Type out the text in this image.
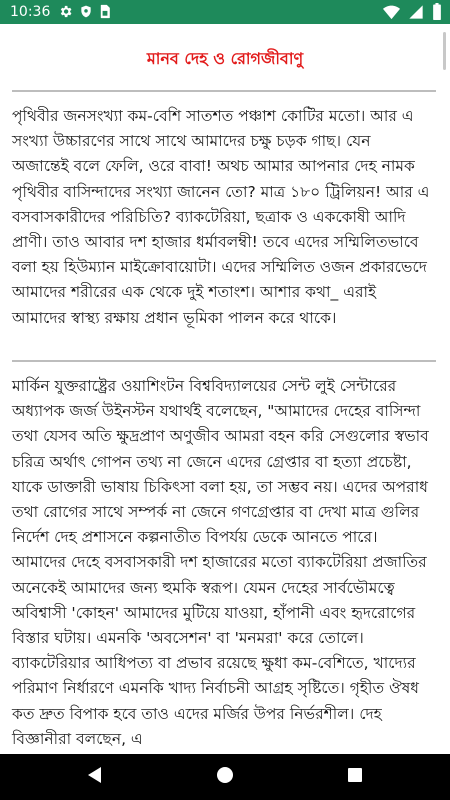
10:36
মানব দেহ ও রোগজীবাণু
পৃথিবীর জনসংখ্যা কম-বেশি সাতশত পঞ্চাশ কোটির মতো। আর এ সংখ্যা উচ্চারণের সাথে সাথে আমাদের চক্ষু চড়ক গাছ। যেন অজান্তেই বলে ফেলি, ওরে বাবা! অথচ আমার আপনার দেহ নামক পৃথিবীর বাসিন্দাদের সংখ্যা জানেন তো? মাত্র ১৮০ ট্রিলিয়ন! আর এ বসবাসকারীদের পরিচিতি? ব্যাকটেরিয়া, ছত্রাক ও এককোষী আদি প্রাণী। তাও আবার দশ হাজার ধর্মাবলম্বী! তবে এদের সম্মিলিতভাবে বলা হয় হিউম্যান মাইক্রোবায়োটা। এদের সম্মিলিত ওজন প্রকারভেদে আমাদের শরীরের এক থেকে দুই শতাংশ। আশার কথা_ এরাই আমাদের স্বাস্থ্য রক্ষায় প্রধান ভূমিকা পালন করে থাকে।
মার্কিন যুক্তরাষ্ট্রের ওয়াশিংটন বিশ্ববিদ্যালয়ের সেন্ট লুই সেন্টারের অধ্যাপক জর্জ উইনস্টন যথার্থই বলেছেন, "আমাদের দেহের বাসিন্দা তথা যেসব অতি ক্ষুদ্রপ্রাণ অণুজীব আমরা বহন করি সেগুলোর স্বভাব চরিত্র অর্থাৎ গোপন তথ্য না জেনে এদের গ্রেপ্তার বা হত্যা প্রচেষ্টা, যাকে ডাক্তারী ভাষায় চিকিৎসা বলা হয়, তা সম্ভব নয়। এদের অপরাধ তথা রোগের সাথে সম্পর্ক না জেনে গণগ্রেপ্তার বা দেখা মাত্র গুলির নির্দেশ দেহ প্রশাসনে কল্পনাতীত বিপর্যয় ডেকে আনতে পারে। আমাদের দেহে বসবাসকারী দশ হাজারের মতো ব্যাকটেরিয়া প্রজাতির অনেকেই আমাদের জন্য হুমকি স্বরূপ। যেমন দেহের সার্বভৌমত্বে অবিশ্বাসী 'কোহন' আমাদের মুটিয়ে যাওয়া, হাঁপানী এবং হৃদরোগের বিস্তার ঘটায়। এমনকি 'অবসেশন' বা 'মনমরা' করে তোলে। ব্যাকটেরিয়ার আধিপত্য বা প্রভাব রয়েছে ক্ষুধা কম-বেশিতে, খাদ্যের পরিমাণ নির্ধারণে এমনকি খাদ্য নির্বাচনী আগ্রহ সৃষ্টিতে। গৃহীত ঔষধ কত দ্রুত বিপাক হবে তাও এদের মর্জির উপর নির্ভরশীল। দেহ বিজ্ঞানীরা বলছেন, এ
